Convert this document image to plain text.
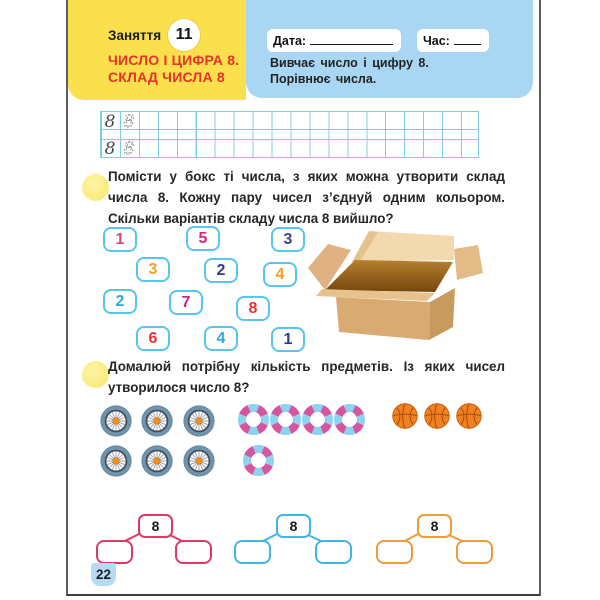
Заняття 11
ЧИСЛО І ЦИФРА 8.
СКЛАД ЧИСЛА 8
Дата:	Час:
Вивчає число і цифру 8.
Порівнює числа.
8 8
8 8
Помісти у бокс ті числа, з яких можна утворити склад
числа 8. Кожну пару чисел з’єднуй одним кольором.
Скільки варіантів складу числа 8 вийшло?
1	5	3
3	2	4
2	7	8
6	4	1
Домалюй потрібну кількість предметів. Із яких чисел
утворилося число 8?
8	8	8
22
